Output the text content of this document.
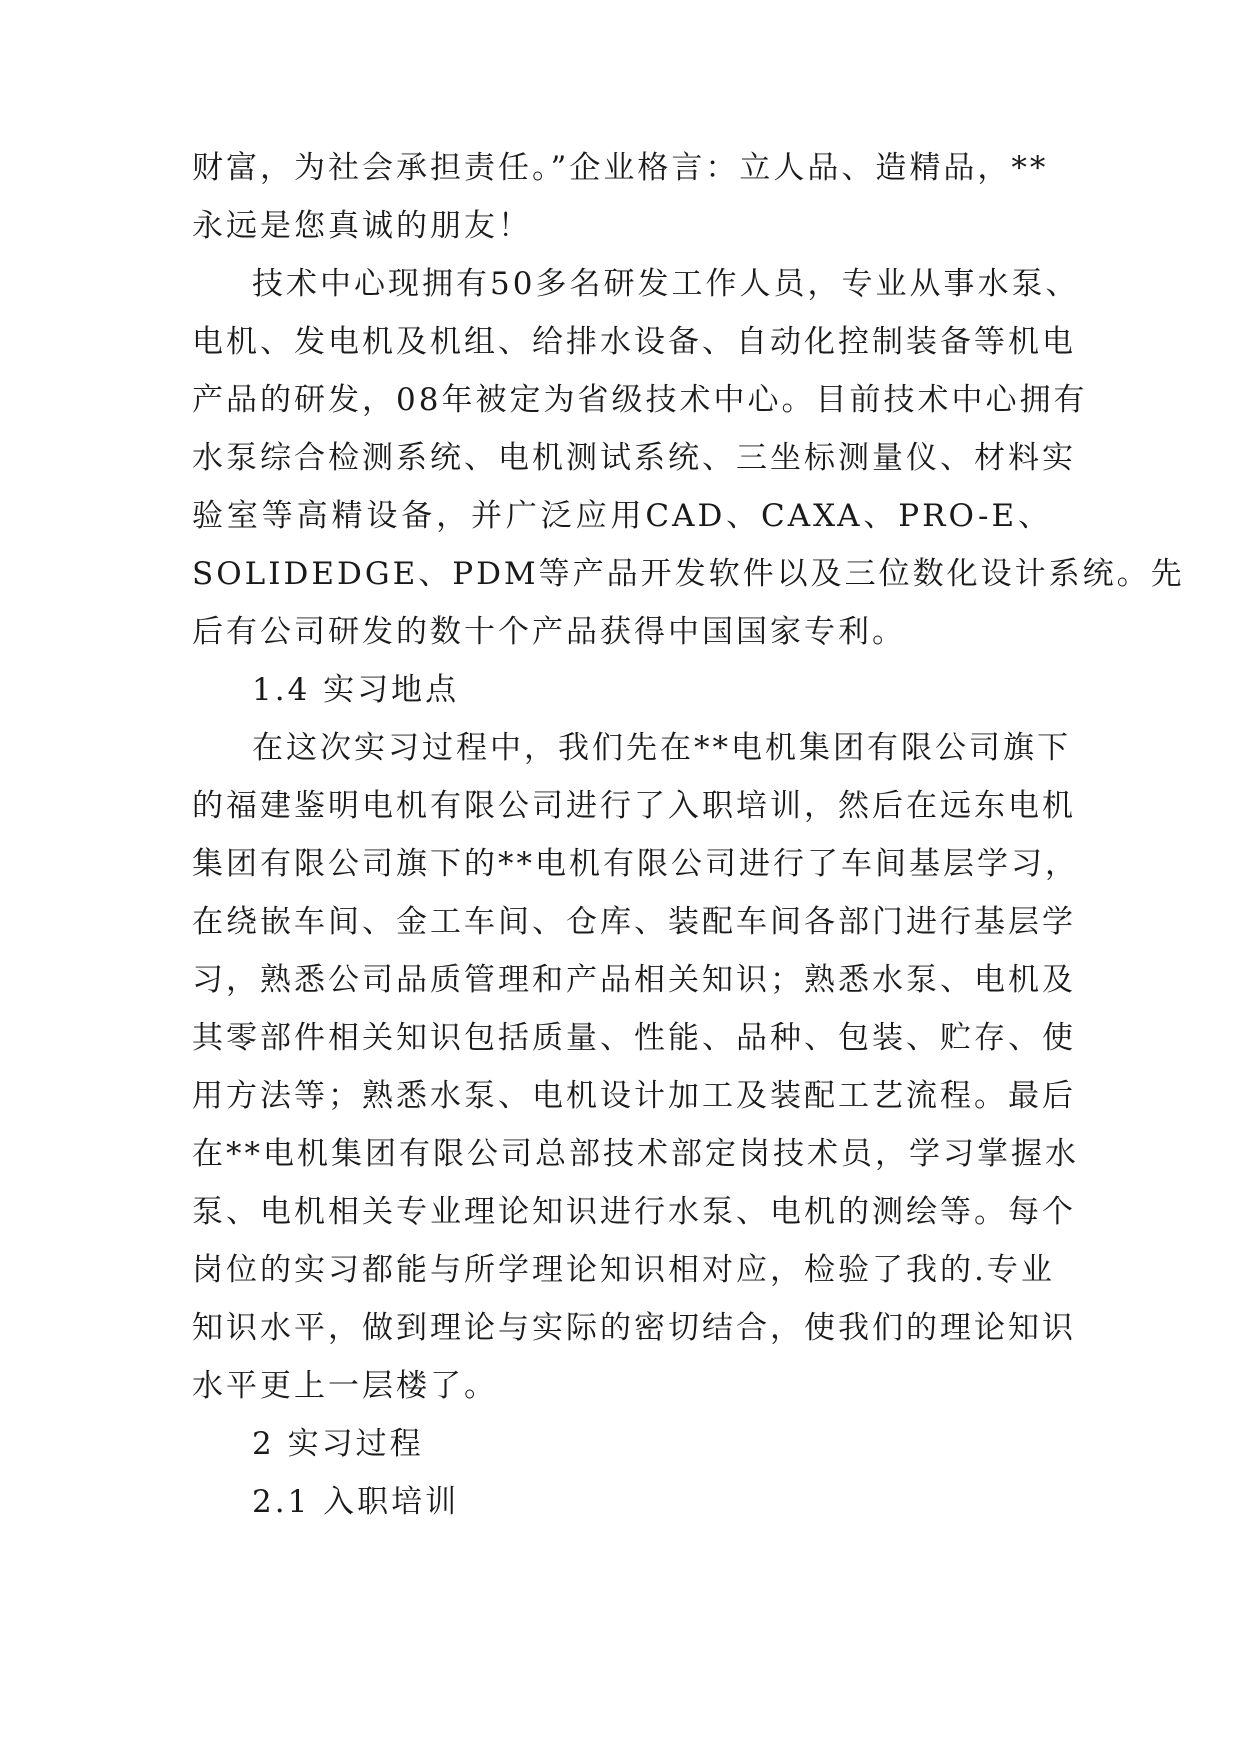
财富，为社会承担责任。”企业格言：立人品、造精品，**
永远是您真诚的朋友！
技术中心现拥有50多名研发工作人员，专业从事水泵、
电机、发电机及机组、给排水设备、自动化控制装备等机电
产品的研发，08年被定为省级技术中心。目前技术中心拥有
水泵综合检测系统、电机测试系统、三坐标测量仪、材料实
验室等高精设备，并广泛应用CAD、CAXA、PRO-E、
SOLIDEDGE、PDM等产品开发软件以及三位数化设计系统。先
后有公司研发的数十个产品获得中国国家专利。
1.4 实习地点
在这次实习过程中，我们先在**电机集团有限公司旗下
的福建鉴明电机有限公司进行了入职培训，然后在远东电机
集团有限公司旗下的**电机有限公司进行了车间基层学习，
在绕嵌车间、金工车间、仓库、装配车间各部门进行基层学
习，熟悉公司品质管理和产品相关知识；熟悉水泵、电机及
其零部件相关知识包括质量、性能、品种、包装、贮存、使
用方法等；熟悉水泵、电机设计加工及装配工艺流程。最后
在**电机集团有限公司总部技术部定岗技术员，学习掌握水
泵、电机相关专业理论知识进行水泵、电机的测绘等。每个
岗位的实习都能与所学理论知识相对应，检验了我的.专业
知识水平，做到理论与实际的密切结合，使我们的理论知识
水平更上一层楼了。
2 实习过程
2.1 入职培训
